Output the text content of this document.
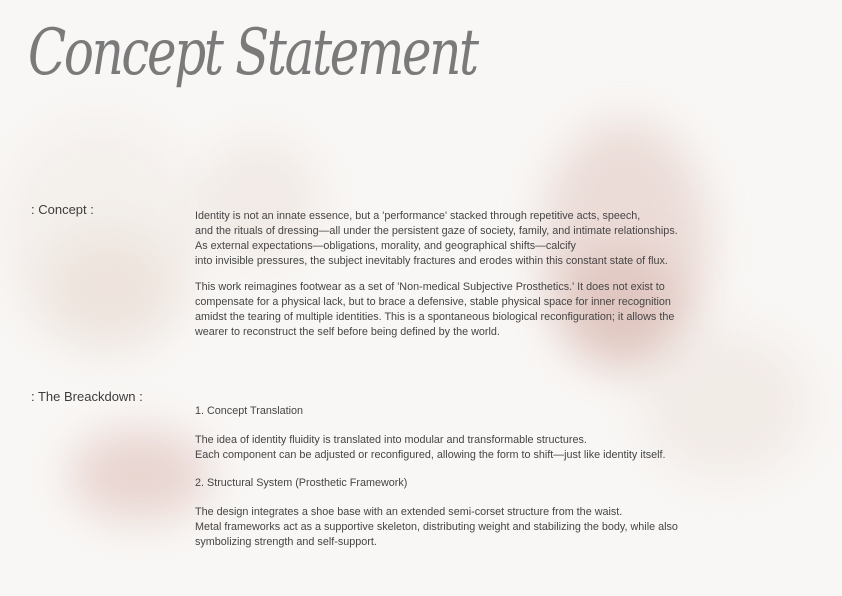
Concept Statement
: Concept :	Identity is not an innate essence, but a 'performance' stacked through repetitive acts, speech,

and the rituals of dressing—all under the persistent gaze of society, family, and intimate relationships.

As external expectations—obligations, morality, and geographical shifts—calcify

into invisible pressures, the subject inevitably fractures and erodes within this constant state of flux.

This work reimagines footwear as a set of 'Non-medical Subjective Prosthetics.' It does not exist to

compensate for a physical lack, but to brace a defensive, stable physical space for inner recognition

amidst the tearing of multiple identities. This is a spontaneous biological reconfiguration; it allows the

wearer to reconstruct the self before being defined by the world.

: The Breackdown :

1. Concept Translation

The idea of identity fluidity is translated into modular and transformable structures.

Each component can be adjusted or reconfigured, allowing the form to shift—just like identity itself.

2. Structural System (Prosthetic Framework)

The design integrates a shoe base with an extended semi-corset structure from the waist.

Metal frameworks act as a supportive skeleton, distributing weight and stabilizing the body, while also

symbolizing strength and self-support.
